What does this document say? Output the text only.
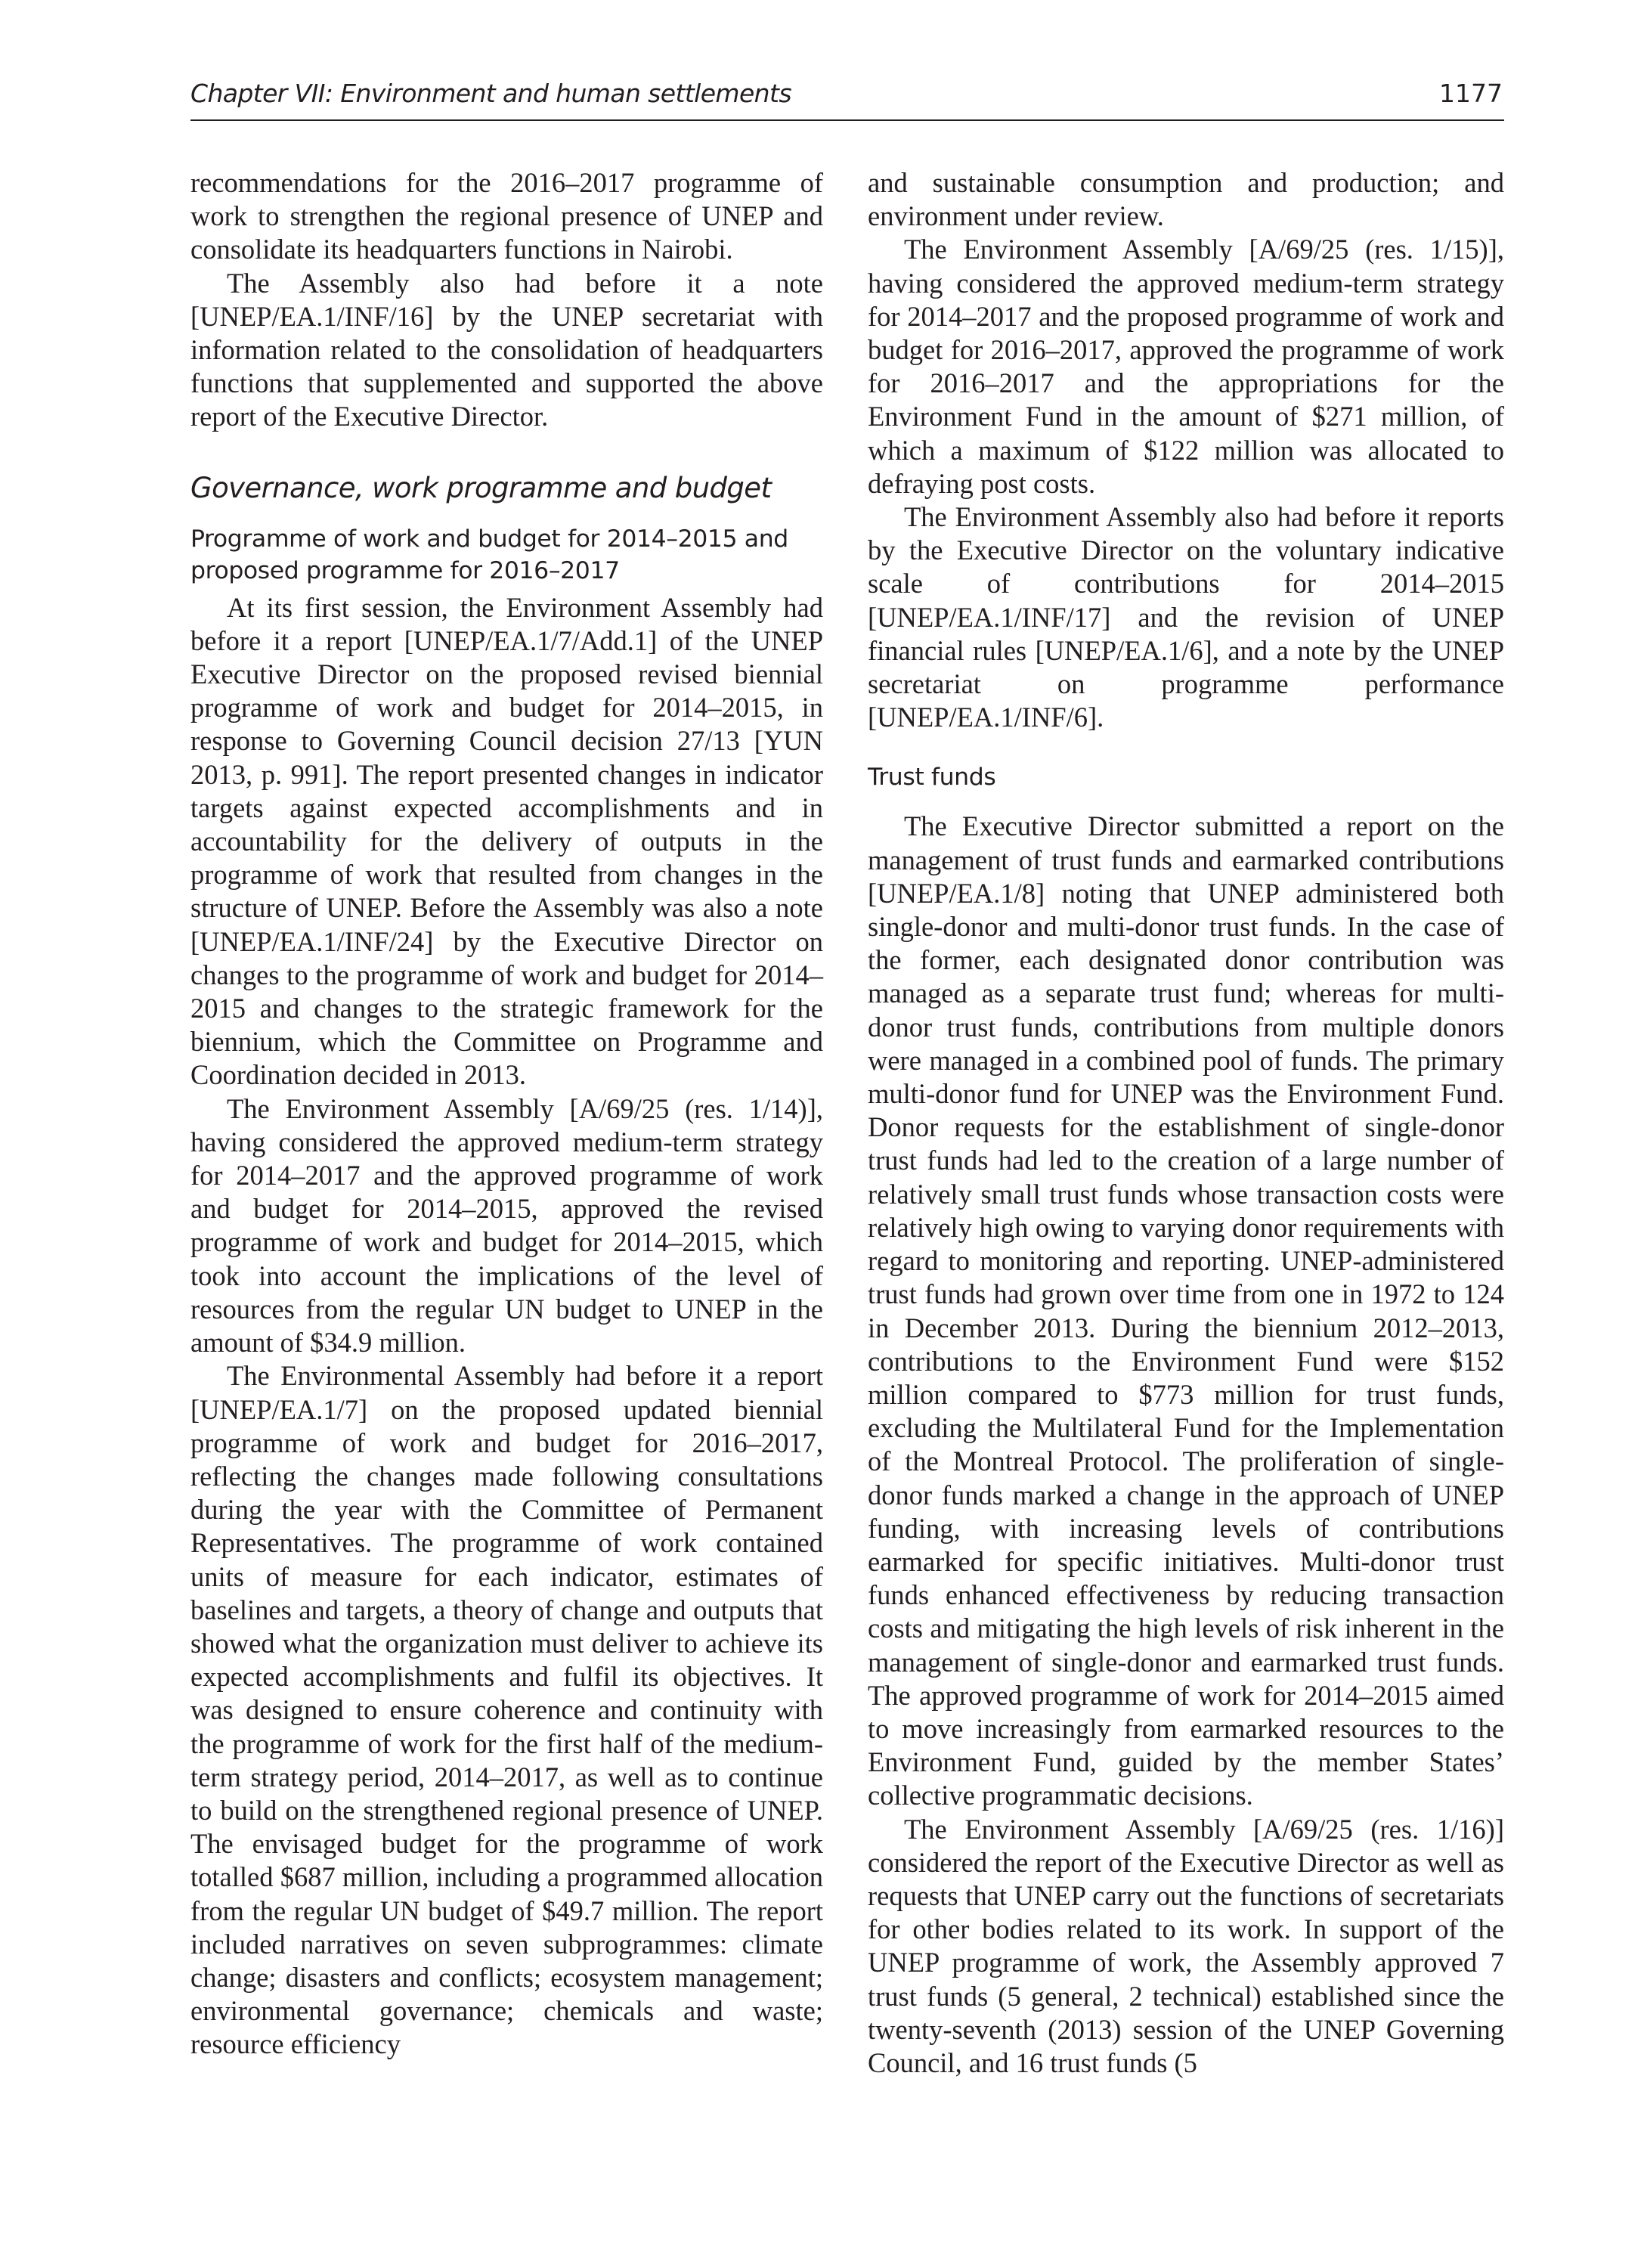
Chapter VII: Environment and human settlements	1177

recommendations for the 2016–2017 programme of work to strengthen the regional presence of UNEP and consolidate its headquarters functions in Nairobi.

The Assembly also had before it a note [UNEP/EA.1/INF/16] by the UNEP secretariat with information related to the consolidation of headquarters functions that supplemented and supported the above report of the Executive Director.

Governance, work programme and budget
Programme of work and budget for 2014–2015 and proposed programme for 2016–2017

At its first session, the Environment Assembly had before it a report [UNEP/EA.1/7/Add.1] of the UNEP Executive Director on the proposed revised biennial programme of work and budget for 2014–2015, in response to Governing Council decision 27/13 [YUN 2013, p. 991]. The report presented changes in indicator targets against expected accomplishments and in accountability for the delivery of outputs in the programme of work that resulted from changes in the structure of UNEP. Before the Assembly was also a note [UNEP/EA.1/INF/24] by the Executive Director on changes to the programme of work and budget for 2014–2015 and changes to the strategic framework for the biennium, which the Committee on Programme and Coordination decided in 2013.

The Environment Assembly [A/69/25 (res. 1/14)], having considered the approved medium-term strategy for 2014–2017 and the approved programme of work and budget for 2014–2015, approved the revised programme of work and budget for 2014–2015, which took into account the implications of the level of resources from the regular UN budget to UNEP in the amount of $34.9 million.

The Environmental Assembly had before it a report [UNEP/EA.1/7] on the proposed updated biennial programme of work and budget for 2016–2017, reflecting the changes made following consultations during the year with the Committee of Permanent Representatives. The programme of work contained units of measure for each indicator, estimates of baselines and targets, a theory of change and outputs that showed what the organization must deliver to achieve its expected accomplishments and fulfil its objectives. It was designed to ensure coherence and continuity with the programme of work for the first half of the medium-term strategy period, 2014–2017, as well as to continue to build on the strengthened regional presence of UNEP. The envisaged budget for the programme of work totalled $687 million, including a programmed allocation from the regular UN budget of $49.7 million. The report included narratives on seven subprogrammes: climate change; disasters and conflicts; ecosystem management; environmental governance; chemicals and waste; resource efficiency

and sustainable consumption and production; and environment under review.

The Environment Assembly [A/69/25 (res. 1/15)], having considered the approved medium-term strategy for 2014–2017 and the proposed programme of work and budget for 2016–2017, approved the programme of work for 2016–2017 and the appropriations for the Environment Fund in the amount of $271 million, of which a maximum of $122 million was allocated to defraying post costs.

The Environment Assembly also had before it reports by the Executive Director on the voluntary indicative scale of contributions for 2014–2015 [UNEP/EA.1/INF/17] and the revision of UNEP financial rules [UNEP/EA.1/6], and a note by the UNEP secretariat on programme performance [UNEP/EA.1/INF/6].

Trust funds

The Executive Director submitted a report on the management of trust funds and earmarked contributions [UNEP/EA.1/8] noting that UNEP administered both single-donor and multi-donor trust funds. In the case of the former, each designated donor contribution was managed as a separate trust fund; whereas for multi-donor trust funds, contributions from multiple donors were managed in a combined pool of funds. The primary multi-donor fund for UNEP was the Environment Fund. Donor requests for the establishment of single-donor trust funds had led to the creation of a large number of relatively small trust funds whose transaction costs were relatively high owing to varying donor requirements with regard to monitoring and reporting. UNEP-administered trust funds had grown over time from one in 1972 to 124 in December 2013. During the biennium 2012–2013, contributions to the Environment Fund were $152 million compared to $773 million for trust funds, excluding the Multilateral Fund for the Implementation of the Montreal Protocol. The proliferation of single-donor funds marked a change in the approach of UNEP funding, with increasing levels of contributions earmarked for specific initiatives. Multi-donor trust funds enhanced effectiveness by reducing transaction costs and mitigating the high levels of risk inherent in the management of single-donor and earmarked trust funds. The approved programme of work for 2014–2015 aimed to move increasingly from earmarked resources to the Environment Fund, guided by the member States’ collective programmatic decisions.

The Environment Assembly [A/69/25 (res. 1/16)] considered the report of the Executive Director as well as requests that UNEP carry out the functions of secretariats for other bodies related to its work. In support of the UNEP programme of work, the Assembly approved 7 trust funds (5 general, 2 technical) established since the twenty-seventh (2013) session of the UNEP Governing Council, and 16 trust funds (5
